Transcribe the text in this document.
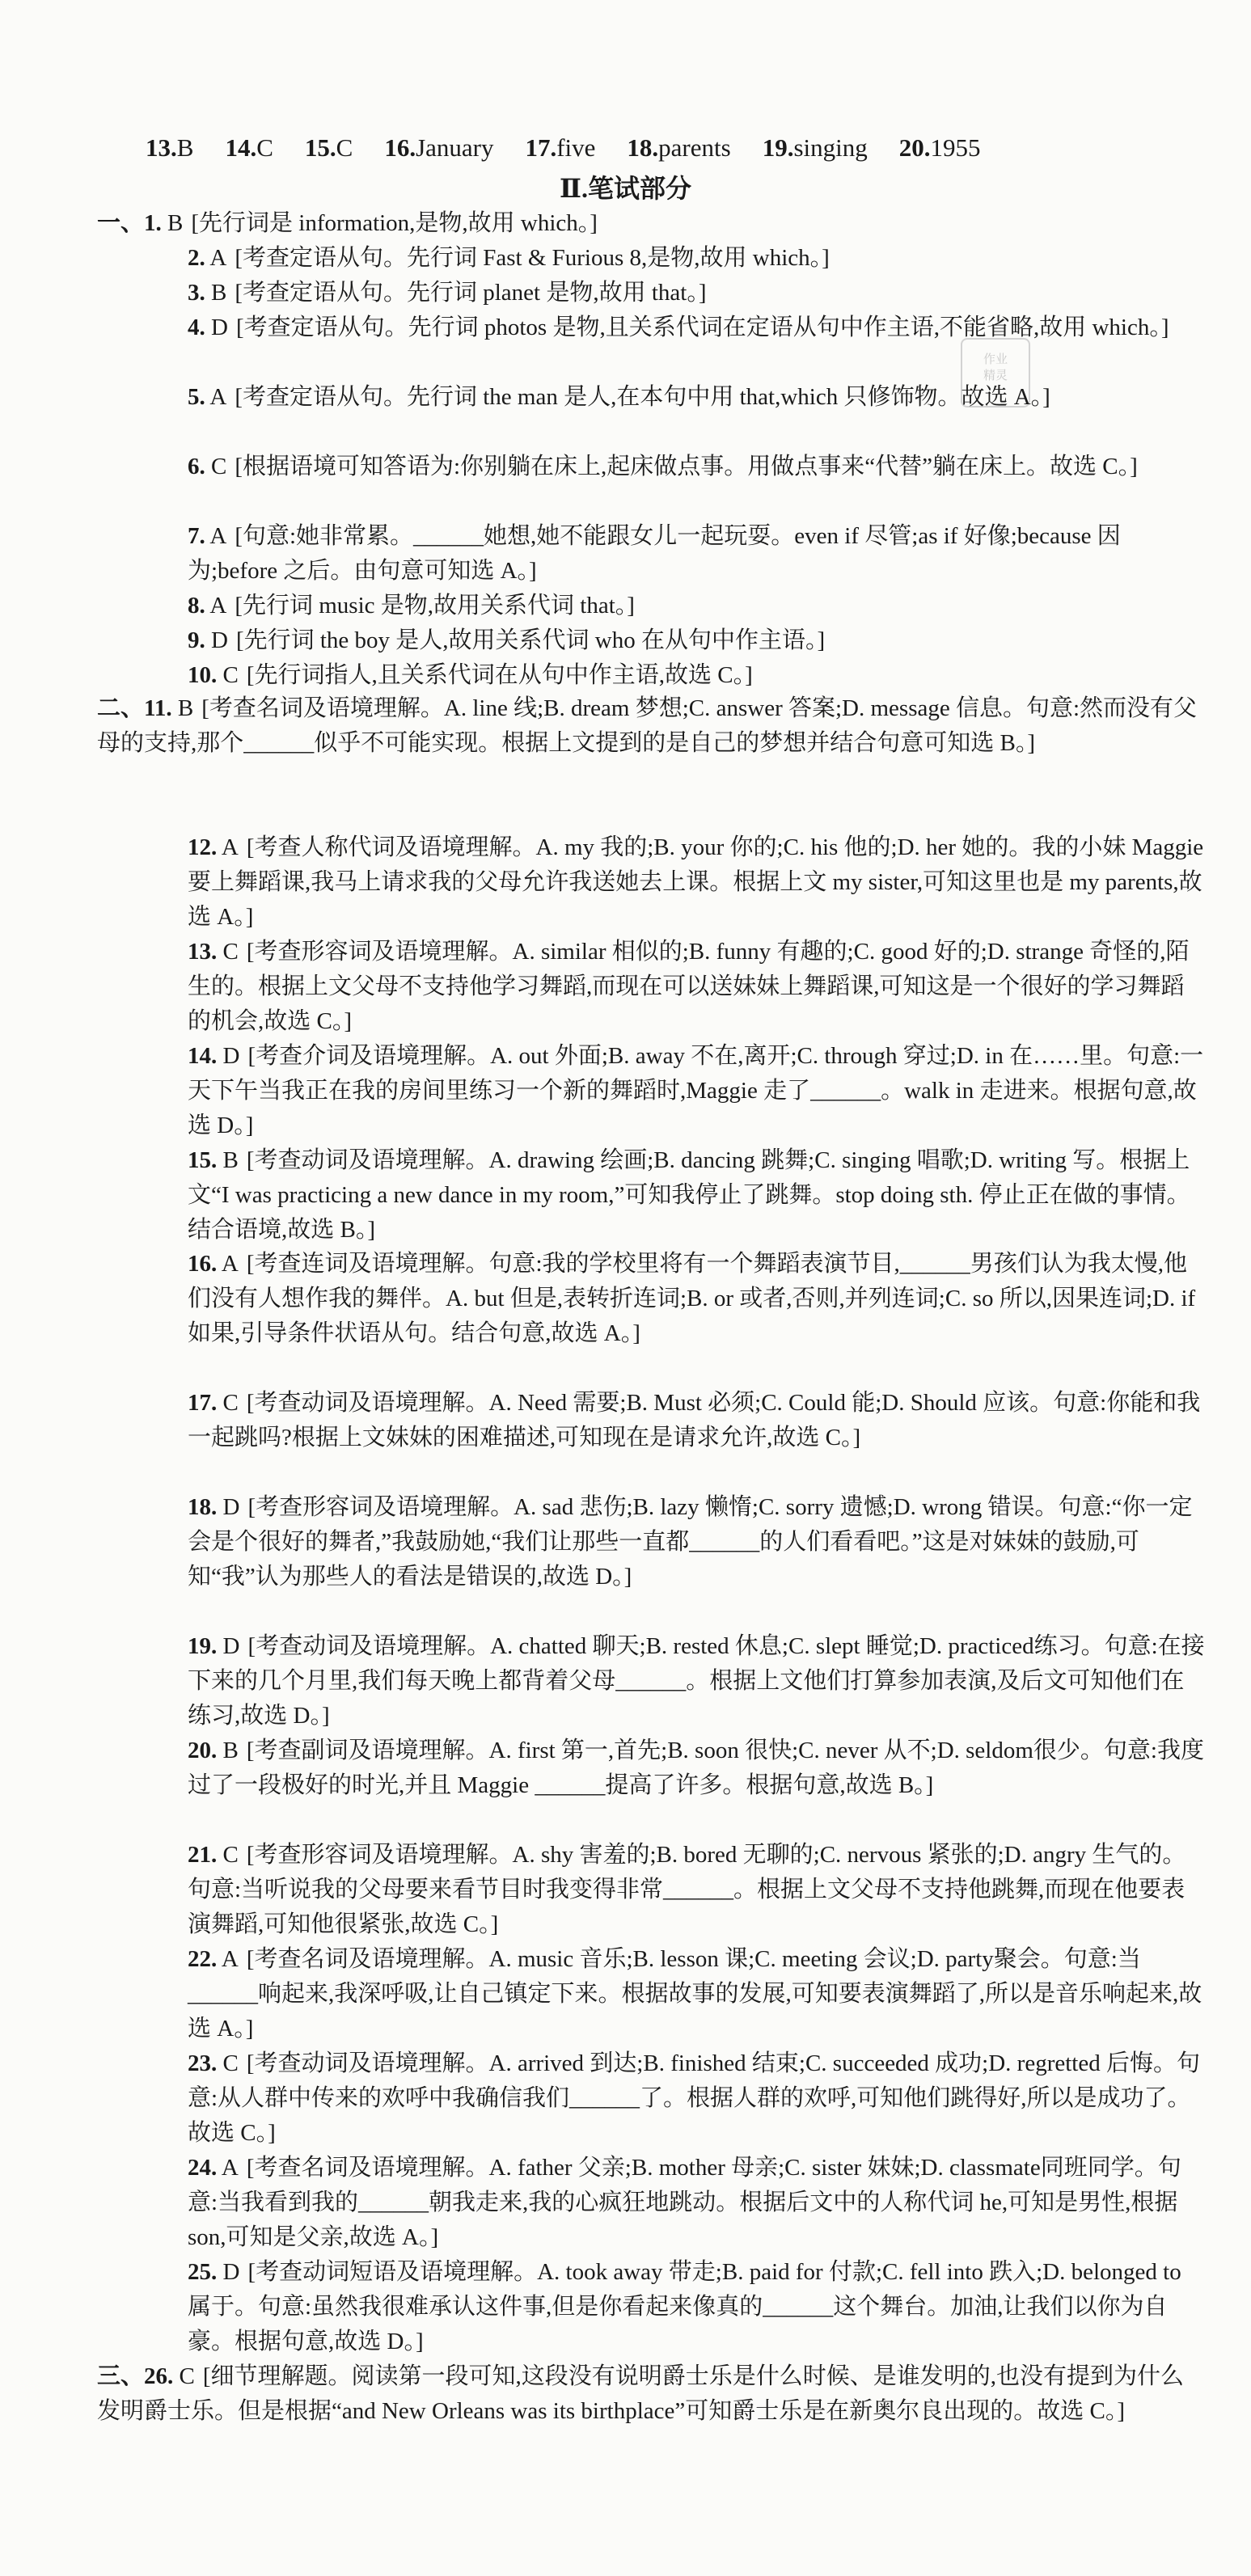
13.B 14.C 15.C 16.January 17.five 18.parents 19.singing 20.1955
Ⅱ.笔试部分
作业
精灵
一、1. B [先行词是 information,是物,故用 which。]
2. A [考查定语从句。先行词 Fast & Furious 8,是物,故用 which。]
3. B [考查定语从句。先行词 planet 是物,故用 that。]
4. D [考查定语从句。先行词 photos 是物,且关系代词在定语从句中作主语,不能省略,故用 which。]
5. A [考查定语从句。先行词 the man 是人,在本句中用 that,which 只修饰物。故选 A。]
6. C [根据语境可知答语为:你别躺在床上,起床做点事。用做点事来“代替”躺在床上。故选 C。]
7. A [句意:她非常累。______她想,她不能跟女儿一起玩耍。even if 尽管;as if 好像;because 因为;before 之后。由句意可知选 A。]
8. A [先行词 music 是物,故用关系代词 that。]
9. D [先行词 the boy 是人,故用关系代词 who 在从句中作主语。]
10. C [先行词指人,且关系代词在从句中作主语,故选 C。]
二、11. B [考查名词及语境理解。A. line 线;B. dream 梦想;C. answer 答案;D. message 信息。句意:然而没有父母的支持,那个______似乎不可能实现。根据上文提到的是自己的梦想并结合句意可知选 B。]
12. A [考查人称代词及语境理解。A. my 我的;B. your 你的;C. his 他的;D. her 她的。我的小妹 Maggie 要上舞蹈课,我马上请求我的父母允许我送她去上课。根据上文 my sister,可知这里也是 my parents,故选 A。]
13. C [考查形容词及语境理解。A. similar 相似的;B. funny 有趣的;C. good 好的;D. strange 奇怪的,陌生的。根据上文父母不支持他学习舞蹈,而现在可以送妹妹上舞蹈课,可知这是一个很好的学习舞蹈的机会,故选 C。]
14. D [考查介词及语境理解。A. out 外面;B. away 不在,离开;C. through 穿过;D. in 在……里。句意:一天下午当我正在我的房间里练习一个新的舞蹈时,Maggie 走了______。walk in 走进来。根据句意,故选 D。]
15. B [考查动词及语境理解。A. drawing 绘画;B. dancing 跳舞;C. singing 唱歌;D. writing 写。根据上文“I was practicing a new dance in my room,”可知我停止了跳舞。stop doing sth. 停止正在做的事情。结合语境,故选 B。]
16. A [考查连词及语境理解。句意:我的学校里将有一个舞蹈表演节目,______男孩们认为我太慢,他们没有人想作我的舞伴。A. but 但是,表转折连词;B. or 或者,否则,并列连词;C. so 所以,因果连词;D. if 如果,引导条件状语从句。结合句意,故选 A。]
17. C [考查动词及语境理解。A. Need 需要;B. Must 必须;C. Could 能;D. Should 应该。句意:你能和我一起跳吗?根据上文妹妹的困难描述,可知现在是请求允许,故选 C。]
18. D [考查形容词及语境理解。A. sad 悲伤;B. lazy 懒惰;C. sorry 遗憾;D. wrong 错误。句意:“你一定会是个很好的舞者,”我鼓励她,“我们让那些一直都______的人们看看吧。”这是对妹妹的鼓励,可知“我”认为那些人的看法是错误的,故选 D。]
19. D [考查动词及语境理解。A. chatted 聊天;B. rested 休息;C. slept 睡觉;D. practiced练习。句意:在接下来的几个月里,我们每天晚上都背着父母______。根据上文他们打算参加表演,及后文可知他们在练习,故选 D。]
20. B [考查副词及语境理解。A. first 第一,首先;B. soon 很快;C. never 从不;D. seldom很少。句意:我度过了一段极好的时光,并且 Maggie ______提高了许多。根据句意,故选 B。]
21. C [考查形容词及语境理解。A. shy 害羞的;B. bored 无聊的;C. nervous 紧张的;D. angry 生气的。句意:当听说我的父母要来看节目时我变得非常______。根据上文父母不支持他跳舞,而现在他要表演舞蹈,可知他很紧张,故选 C。]
22. A [考查名词及语境理解。A. music 音乐;B. lesson 课;C. meeting 会议;D. party聚会。句意:当______响起来,我深呼吸,让自己镇定下来。根据故事的发展,可知要表演舞蹈了,所以是音乐响起来,故选 A。]
23. C [考查动词及语境理解。A. arrived 到达;B. finished 结束;C. succeeded 成功;D. regretted 后悔。句意:从人群中传来的欢呼中我确信我们______了。根据人群的欢呼,可知他们跳得好,所以是成功了。故选 C。]
24. A [考查名词及语境理解。A. father 父亲;B. mother 母亲;C. sister 妹妹;D. classmate同班同学。句意:当我看到我的______朝我走来,我的心疯狂地跳动。根据后文中的人称代词 he,可知是男性,根据 son,可知是父亲,故选 A。]
25. D [考查动词短语及语境理解。A. took away 带走;B. paid for 付款;C. fell into 跌入;D. belonged to 属于。句意:虽然我很难承认这件事,但是你看起来像真的______这个舞台。加油,让我们以你为自豪。根据句意,故选 D。]
三、26. C [细节理解题。阅读第一段可知,这段没有说明爵士乐是什么时候、是谁发明的,也没有提到为什么发明爵士乐。但是根据“and New Orleans was its birthplace”可知爵士乐是在新奥尔良出现的。故选 C。]
